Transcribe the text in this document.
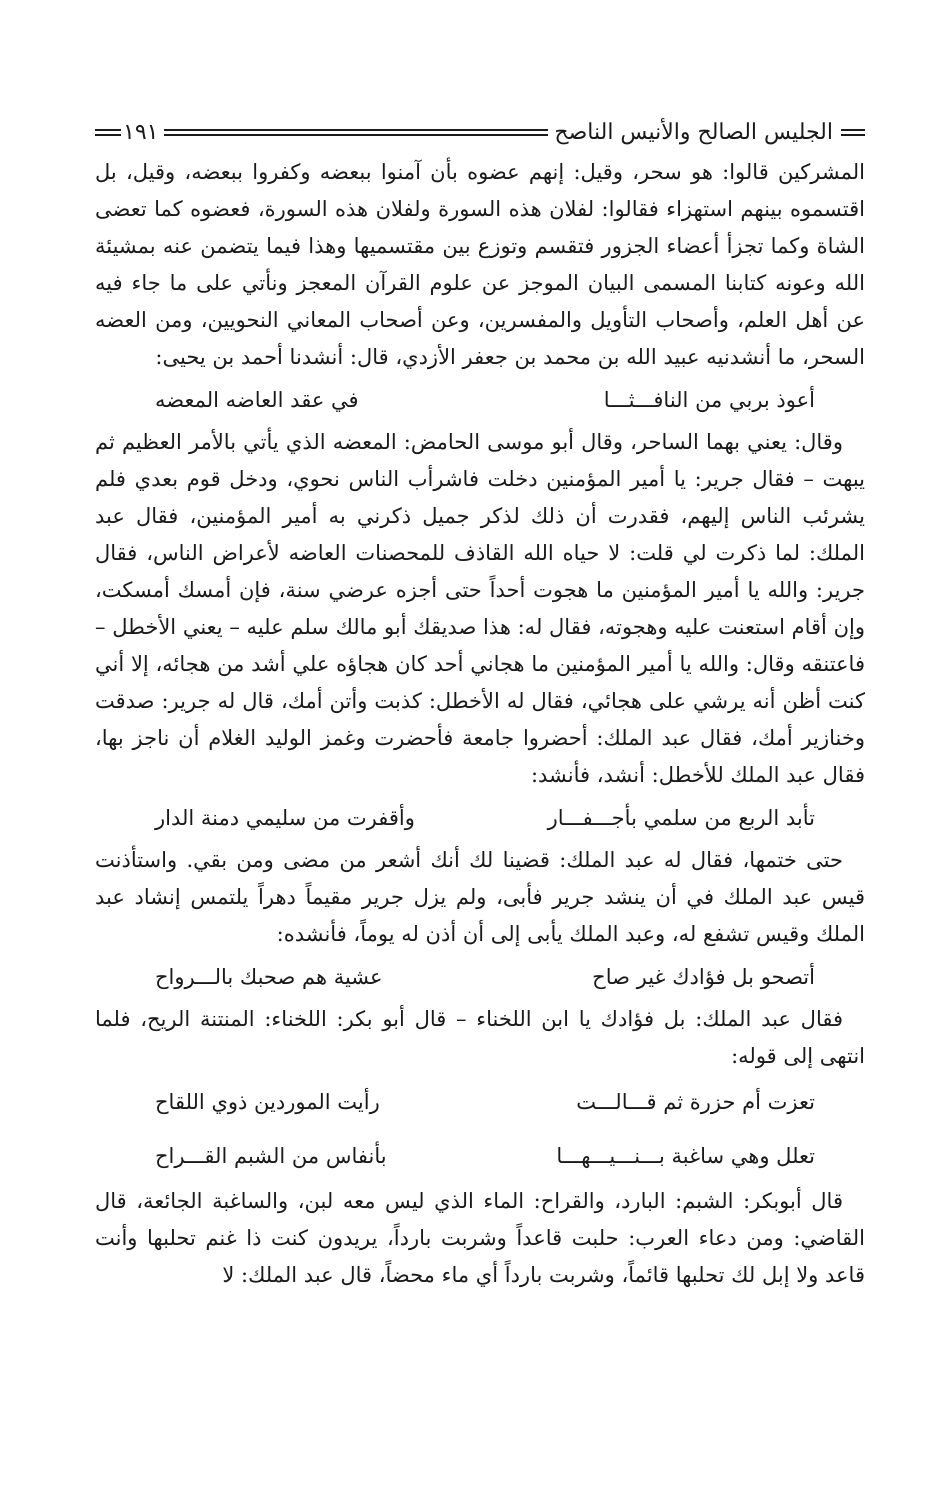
الجليس الصالح والأنيس الناصح
١٩١

المشركين قالوا: هو سحر، وقيل: إنهم عضوه بأن آمنوا ببعضه وكفروا ببعضه، وقيل، بل اقتسموه بينهم استهزاء فقالوا: لفلان هذه السورة ولفلان هذه السورة، فعضوه كما تعضى الشاة وكما تجزأ أعضاء الجزور فتقسم وتوزع بين مقتسميها وهذا فيما يتضمن عنه بمشيئة الله وعونه كتابنا المسمى البيان الموجز عن علوم القرآن المعجز ونأتي على ما جاء فيه عن أهل العلم، وأصحاب التأويل والمفسرين، وعن أصحاب المعاني النحويين، ومن العضه السحر، ما أنشدنيه عبيد الله بن محمد بن جعفر الأزدي، قال: أنشدنا أحمد بن يحيى:

أعوذ بربي من النافـــثـــا
في عقد العاضه المعضه

وقال: يعني بهما الساحر، وقال أبو موسى الحامض: المعضه الذي يأتي بالأمر العظيم ثم يبهت – فقال جرير: يا أمير المؤمنين دخلت فاشرأب الناس نحوي، ودخل قوم بعدي فلم يشرئب الناس إليهم، فقدرت أن ذلك لذكر جميل ذكرني به أمير المؤمنين، فقال عبد الملك: لما ذكرت لي قلت: لا حياه الله القاذف للمحصنات العاضه لأعراض الناس، فقال جرير: والله يا أمير المؤمنين ما هجوت أحداً حتى أجزه عرضي سنة، فإن أمسك أمسكت، وإن أقام استعنت عليه وهجوته، فقال له: هذا صديقك أبو مالك سلم عليه – يعني الأخطل – فاعتنقه وقال: والله يا أمير المؤمنين ما هجاني أحد كان هجاؤه علي أشد من هجائه، إلا أني كنت أظن أنه يرشي على هجائي، فقال له الأخطل: كذبت وأتن أمك، قال له جرير: صدقت وخنازير أمك، فقال عبد الملك: أحضروا جامعة فأحضرت وغمز الوليد الغلام أن ناجز بها، فقال عبد الملك للأخطل: أنشد، فأنشد:

تأبد الربع من سلمي بأجـــفـــار
وأقفرت من سليمي دمنة الدار

حتى ختمها، فقال له عبد الملك: قضينا لك أنك أشعر من مضى ومن بقي. واستأذنت قيس عبد الملك في أن ينشد جرير فأبى، ولم يزل جرير مقيماً دهراً يلتمس إنشاد عبد الملك وقيس تشفع له، وعبد الملك يأبى إلى أن أذن له يوماً، فأنشده:

أتصحو بل فؤادك غير صاح
عشية هم صحبك بالـــرواح

فقال عبد الملك: بل فؤادك يا ابن اللخناء – قال أبو بكر: اللخناء: المنتنة الريح، فلما انتهى إلى قوله:

تعزت أم حزرة ثم قـــالـــت
رأيت الموردين ذوي اللقاح
تعلل وهي ساغبة بـــنـــيـــهـــا
بأنفاس من الشبم القـــراح

قال أبوبكر: الشبم: البارد، والقراح: الماء الذي ليس معه لبن، والساغبة الجائعة، قال القاضي: ومن دعاء العرب: حلبت قاعداً وشربت بارداً، يريدون كنت ذا غنم تحلبها وأنت قاعد ولا إبل لك تحلبها قائماً، وشربت بارداً أي ماء محضاً، قال عبد الملك: لا
